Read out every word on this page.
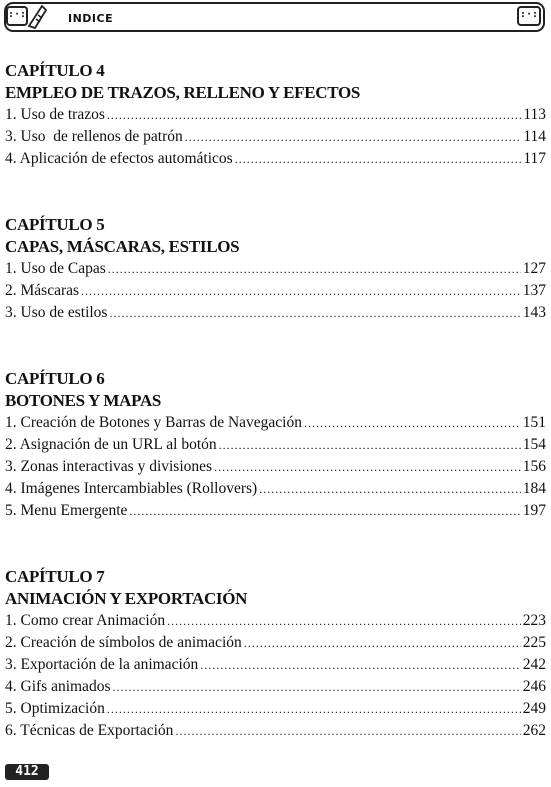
:·:	INDICE	:·:
CAPÍTULO 4
EMPLEO DE TRAZOS, RELLENO Y EFECTOS
1. Uso de trazos .....	113
3. Uso  de rellenos de patrón .....	114
4. Aplicación de efectos automáticos .....	117
CAPÍTULO 5
CAPAS, MÁSCARAS, ESTILOS
1. Uso de Capas .....	127
2. Máscaras .....	137
3. Uso de estilos .....	143
CAPÍTULO 6
BOTONES Y MAPAS
1. Creación de Botones y Barras de Navegación .....	151
2. Asignación de un URL al botón .....	154
3. Zonas interactivas y divisiones .....	156
4. Imágenes Intercambiables (Rollovers) .....	184
5. Menu Emergente .....	197
CAPÍTULO 7
ANIMACIÓN Y EXPORTACIÓN
1. Como crear Animación .....	223
2. Creación de símbolos de animación .....	225
3. Exportación de la animación .....	242
4. Gifs animados .....	246
5. Optimización .....	249
6. Técnicas de Exportación .....	262
412
